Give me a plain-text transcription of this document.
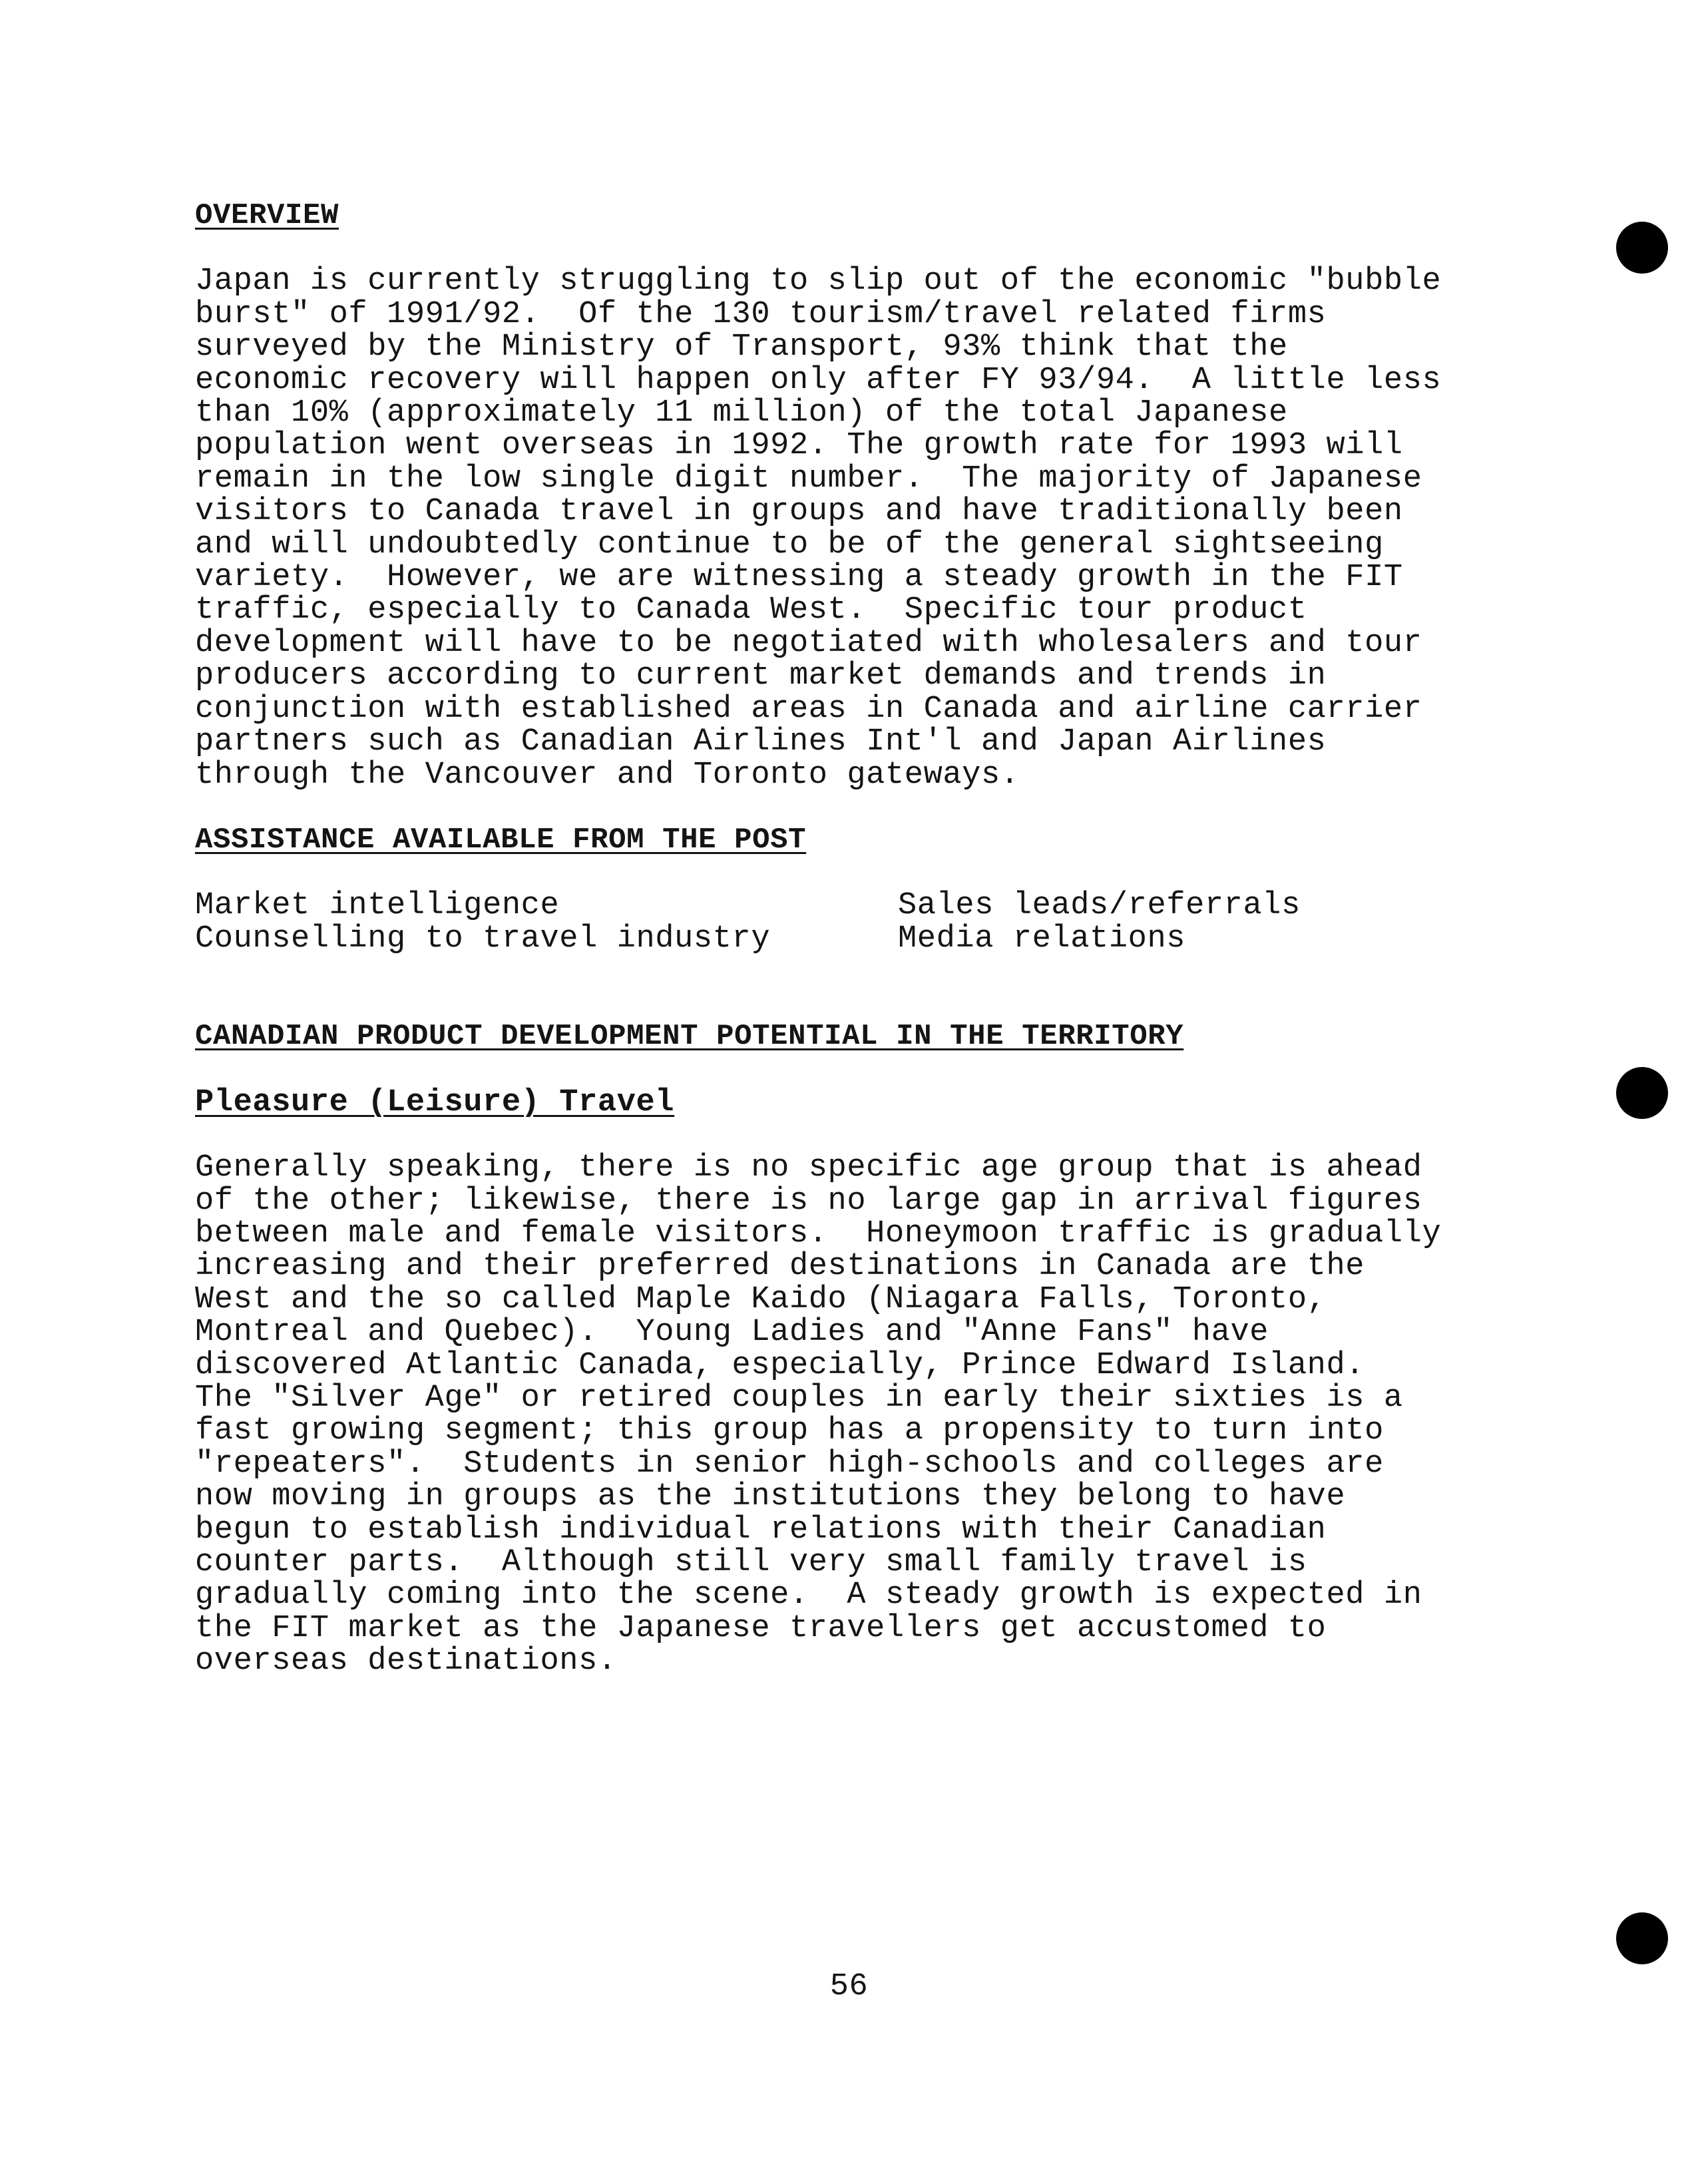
OVERVIEW
Japan is currently struggling to slip out of the economic "bubble
burst" of 1991/92.  Of the 130 tourism/travel related firms
surveyed by the Ministry of Transport, 93% think that the
economic recovery will happen only after FY 93/94.  A little less
than 10% (approximately 11 million) of the total Japanese
population went overseas in 1992. The growth rate for 1993 will
remain in the low single digit number.  The majority of Japanese
visitors to Canada travel in groups and have traditionally been
and will undoubtedly continue to be of the general sightseeing
variety.  However, we are witnessing a steady growth in the FIT
traffic, especially to Canada West.  Specific tour product
development will have to be negotiated with wholesalers and tour
producers according to current market demands and trends in
conjunction with established areas in Canada and airline carrier
partners such as Canadian Airlines Int'l and Japan Airlines
through the Vancouver and Toronto gateways.
ASSISTANCE AVAILABLE FROM THE POST
Market intelligence
Counselling to travel industry
Sales leads/referrals
Media relations
CANADIAN PRODUCT DEVELOPMENT POTENTIAL IN THE TERRITORY
Pleasure (Leisure) Travel
Generally speaking, there is no specific age group that is ahead
of the other; likewise, there is no large gap in arrival figures
between male and female visitors.  Honeymoon traffic is gradually
increasing and their preferred destinations in Canada are the
West and the so called Maple Kaido (Niagara Falls, Toronto,
Montreal and Quebec).  Young Ladies and "Anne Fans" have
discovered Atlantic Canada, especially, Prince Edward Island.
The "Silver Age" or retired couples in early their sixties is a
fast growing segment; this group has a propensity to turn into
"repeaters".  Students in senior high-schools and colleges are
now moving in groups as the institutions they belong to have
begun to establish individual relations with their Canadian
counter parts.  Although still very small family travel is
gradually coming into the scene.  A steady growth is expected in
the FIT market as the Japanese travellers get accustomed to
overseas destinations.
56
